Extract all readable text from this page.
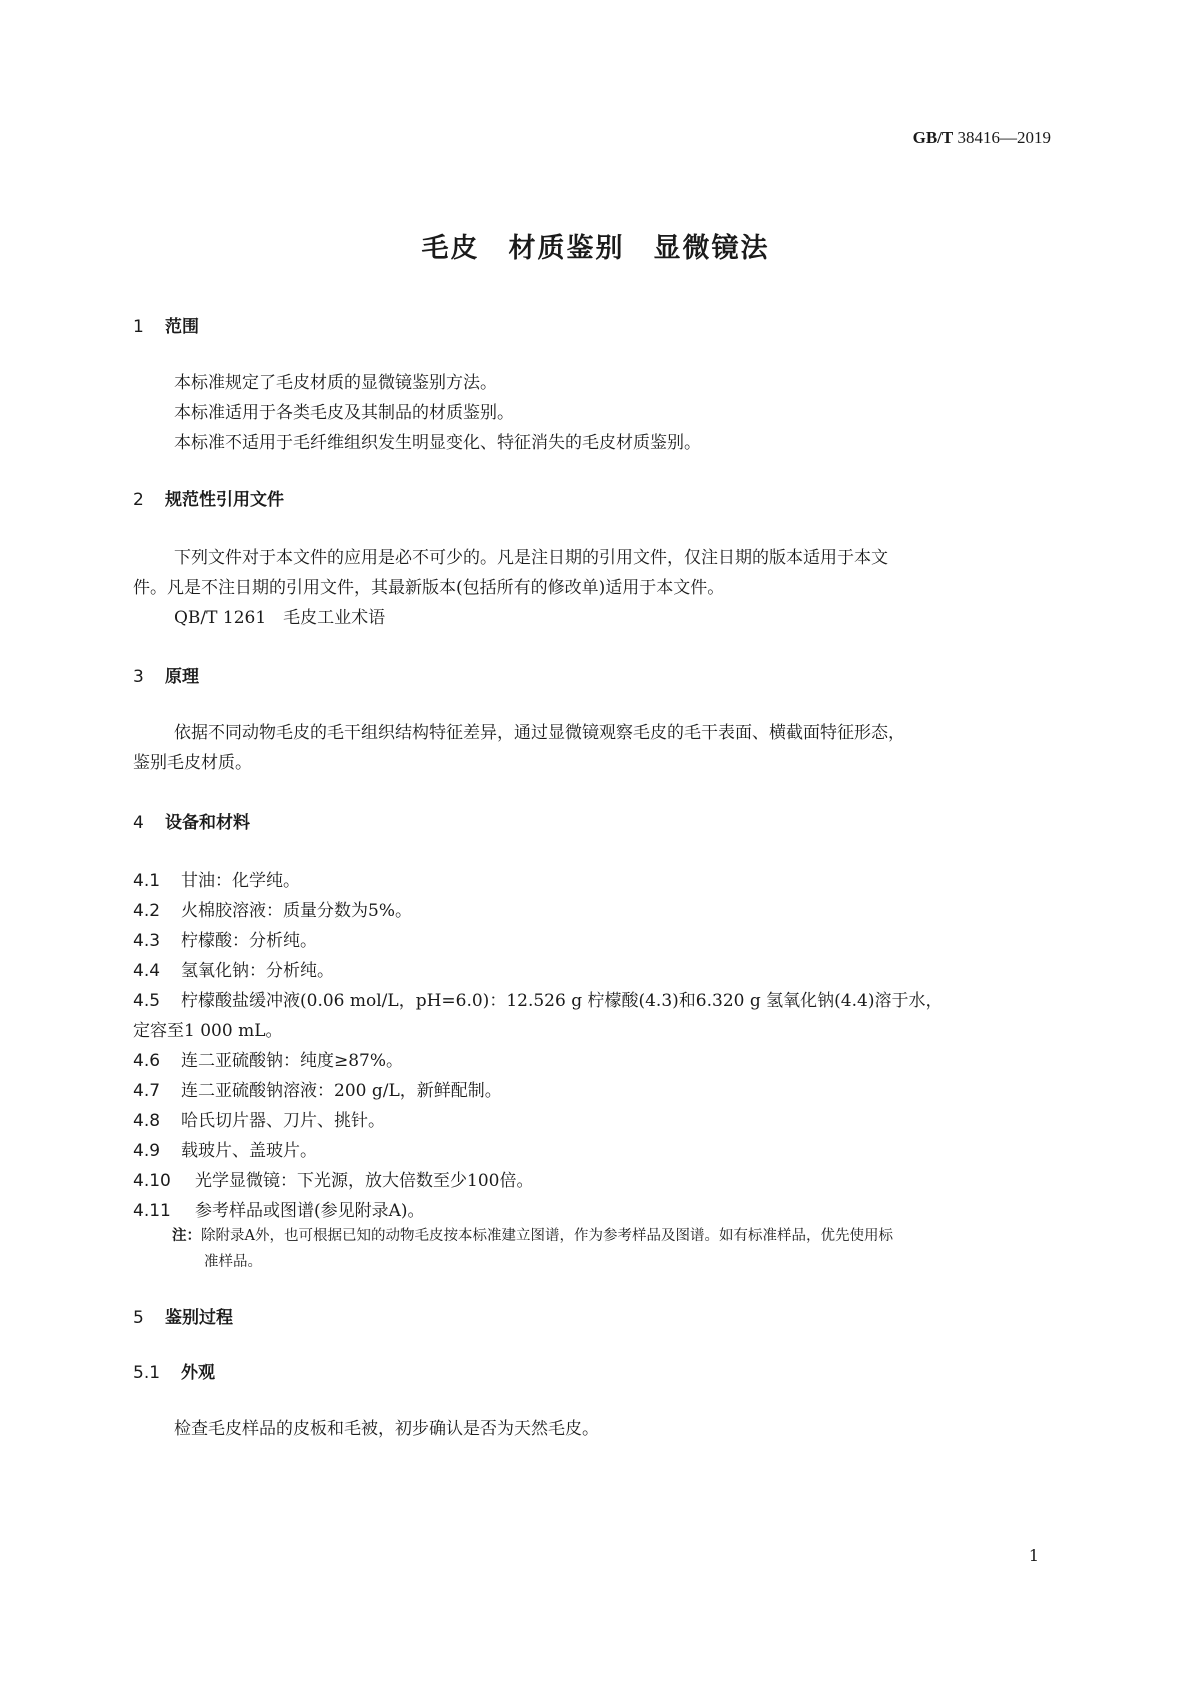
GB/T 38416—2019
毛皮　材质鉴别　显微镜法
1 范围
本标准规定了毛皮材质的显微镜鉴别方法。
本标准适用于各类毛皮及其制品的材质鉴别。
本标准不适用于毛纤维组织发生明显变化、特征消失的毛皮材质鉴别。
2 规范性引用文件
下列文件对于本文件的应用是必不可少的。凡是注日期的引用文件，仅注日期的版本适用于本文
件。凡是不注日期的引用文件，其最新版本(包括所有的修改单)适用于本文件。
QB/T 1261　毛皮工业术语
3 原理
依据不同动物毛皮的毛干组织结构特征差异，通过显微镜观察毛皮的毛干表面、横截面特征形态，
鉴别毛皮材质。
4 设备和材料
4.1 甘油：化学纯。
4.2 火棉胶溶液：质量分数为5%。
4.3 柠檬酸：分析纯。
4.4 氢氧化钠：分析纯。
4.5 柠檬酸盐缓冲液(0.06 mol/L，pH=6.0)：12.526 g 柠檬酸(4.3)和6.320 g 氢氧化钠(4.4)溶于水，
定容至1 000 mL。
4.6 连二亚硫酸钠：纯度≥87%。
4.7 连二亚硫酸钠溶液：200 g/L，新鲜配制。
4.8 哈氏切片器、刀片、挑针。
4.9 载玻片、盖玻片。
4.10 光学显微镜：下光源，放大倍数至少100倍。
4.11 参考样品或图谱(参见附录A)。
注：除附录A外，也可根据已知的动物毛皮按本标准建立图谱，作为参考样品及图谱。如有标准样品，优先使用标
准样品。
5 鉴别过程
5.1 外观
检查毛皮样品的皮板和毛被，初步确认是否为天然毛皮。
1
